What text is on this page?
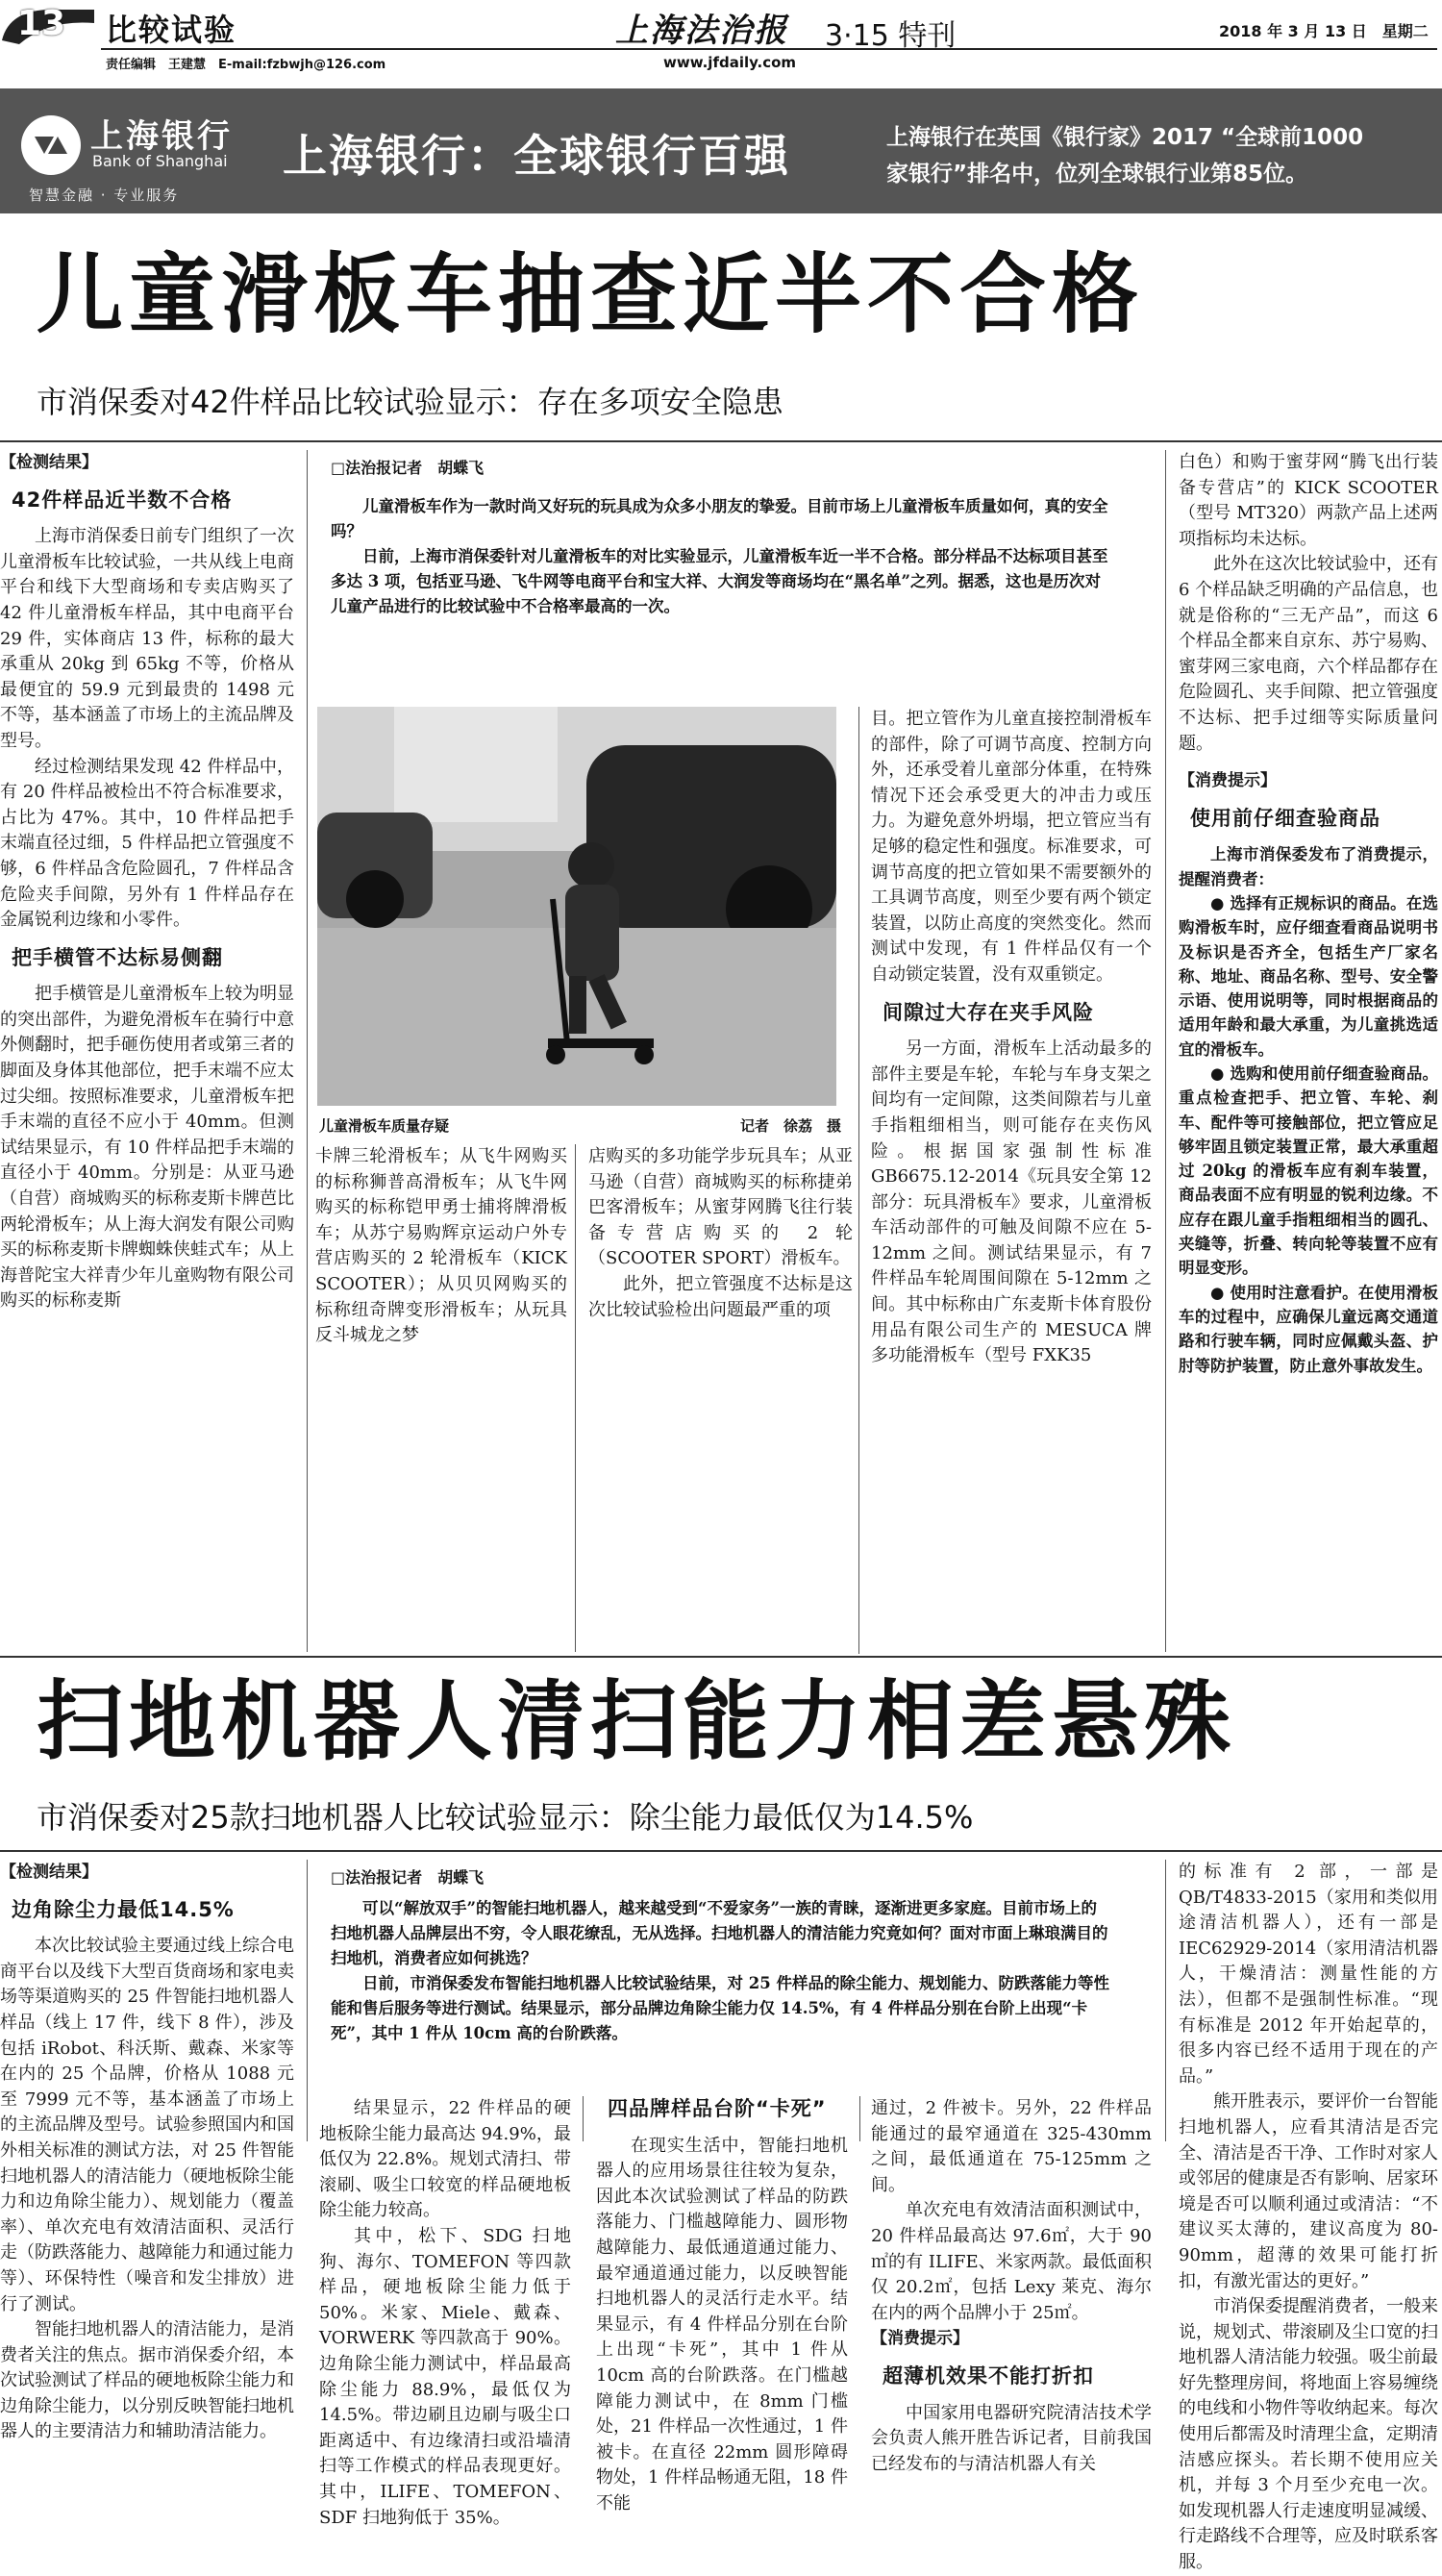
13 比较试验
责任编辑　王建慧　E-mail:fzbwjh@126.com
上海法治报 3·15 特刊
www.jfdaily.com
2018 年 3 月 13 日　星期二
上海银行
Bank of Shanghai
智慧金融 · 专业服务
上海银行：全球银行百强	上海银行在英国《银行家》2017 “全球前1000
家银行”排名中，位列全球银行业第85位。
儿童滑板车抽查近半不合格
市消保委对42件样品比较试验显示：存在多项安全隐患
【检测结果】
42件样品近半数不合格

上海市消保委日前专门组织了一次儿童滑板车比较试验，一共从线上电商平台和线下大型商场和专卖店购买了 42 件儿童滑板车样品，其中电商平台 29 件，实体商店 13 件，标称的最大承重从 20kg 到 65kg 不等，价格从最便宜的 59.9 元到最贵的 1498 元不等，基本涵盖了市场上的主流品牌及型号。

经过检测结果发现 42 件样品中，有 20 件样品被检出不符合标准要求，占比为 47%。其中，10 件样品把手末端直径过细，5 件样品把立管强度不够，6 件样品含危险圆孔，7 件样品含危险夹手间隙，另外有 1 件样品存在金属锐利边缘和小零件。

把手横管不达标易侧翻

把手横管是儿童滑板车上较为明显的突出部件，为避免滑板车在骑行中意外侧翻时，把手砸伤使用者或第三者的脚面及身体其他部位，把手末端不应太过尖细。按照标准要求，儿童滑板车把手末端的直径不应小于 40mm。但测试结果显示，有 10 件样品把手末端的直径小于 40mm。分别是：从亚马逊（自营）商城购买的标称麦斯卡牌芭比两轮滑板车；从上海大润发有限公司购买的标称麦斯卡牌蜘蛛侠蛙式车；从上海普陀宝大祥青少年儿童购物有限公司购买的标称麦斯

□法治报记者　胡蝶飞

儿童滑板车作为一款时尚又好玩的玩具成为众多小朋友的挚爱。目前市场上儿童滑板车质量如何，真的安全吗？

日前，上海市消保委针对儿童滑板车的对比实验显示，儿童滑板车近一半不合格。部分样品不达标项目甚至多达 3 项，包括亚马逊、飞牛网等电商平台和宝大祥、大润发等商场均在“黑名单”之列。据悉，这也是历次对儿童产品进行的比较试验中不合格率最高的一次。

儿童滑板车质量存疑	记者　徐荔　摄

卡牌三轮滑板车；从飞牛网购买的标称狮普高滑板车；从飞牛网购买的标称铠甲勇士捕将牌滑板车；从苏宁易购辉京运动户外专营店购买的 2 轮滑板车（KICK SCOOTER）；从贝贝网购买的标称纽奇牌变形滑板车；从玩具反斗城龙之梦

店购买的多功能学步玩具车；从亚马逊（自营）商城购买的标称捷弟巴客滑板车；从蜜芽网腾飞往行装备专营店购买的 2 轮（SCOOTER SPORT）滑板车。

此外，把立管强度不达标是这次比较试验检出问题最严重的项

目。把立管作为儿童直接控制滑板车的部件，除了可调节高度、控制方向外，还承受着儿童部分体重，在特殊情况下还会承受更大的冲击力或压力。为避免意外坍塌，把立管应当有足够的稳定性和强度。标准要求，可调节高度的把立管如果不需要额外的工具调节高度，则至少要有两个锁定装置，以防止高度的突然变化。然而测试中发现，有 1 件样品仅有一个自动锁定装置，没有双重锁定。

间隙过大存在夹手风险

另一方面，滑板车上活动最多的部件主要是车轮，车轮与车身支架之间均有一定间隙，这类间隙若与儿童手指粗细相当，则可能存在夹伤风险。根据国家强制性标准 GB6675.12-2014《玩具安全第 12 部分：玩具滑板车》要求，儿童滑板车活动部件的可触及间隙不应在 5-12mm 之间。测试结果显示，有 7 件样品车轮周围间隙在 5-12mm 之间。其中标称由广东麦斯卡体育股份用品有限公司生产的 MESUCA 牌多功能滑板车（型号 FXK35

白色）和购于蜜芽网“腾飞出行装备专营店”的 KICK SCOOTER（型号 MT320）两款产品上述两项指标均未达标。

此外在这次比较试验中，还有 6 个样品缺乏明确的产品信息，也就是俗称的“三无产品”，而这 6 个样品全都来自京东、苏宁易购、蜜芽网三家电商，六个样品都存在危险圆孔、夹手间隙、把立管强度不达标、把手过细等实际质量问题。

【消费提示】
使用前仔细查验商品

上海市消保委发布了消费提示，提醒消费者：

● 选择有正规标识的商品。在选购滑板车时，应仔细查看商品说明书及标识是否齐全，包括生产厂家名称、地址、商品名称、型号、安全警示语、使用说明等，同时根据商品的适用年龄和最大承重，为儿童挑选适宜的滑板车。

● 选购和使用前仔细查验商品。重点检查把手、把立管、车轮、刹车、配件等可接触部位，把立管应足够牢固且锁定装置正常，最大承重超过 20kg 的滑板车应有刹车装置，商品表面不应有明显的锐利边缘。不应存在跟儿童手指粗细相当的圆孔、夹缝等，折叠、转向轮等装置不应有明显变形。

● 使用时注意看护。在使用滑板车的过程中，应确保儿童远离交通道路和行驶车辆，同时应佩戴头盔、护肘等防护装置，防止意外事故发生。

扫地机器人清扫能力相差悬殊
市消保委对25款扫地机器人比较试验显示：除尘能力最低仅为14.5%
【检测结果】
边角除尘力最低14.5%

本次比较试验主要通过线上综合电商平台以及线下大型百货商场和家电卖场等渠道购买的 25 件智能扫地机器人样品（线上 17 件，线下 8 件），涉及包括 iRobot、科沃斯、戴森、米家等在内的 25 个品牌，价格从 1088 元至 7999 元不等，基本涵盖了市场上的主流品牌及型号。试验参照国内和国外相关标准的测试方法，对 25 件智能扫地机器人的清洁能力（硬地板除尘能力和边角除尘能力）、规划能力（覆盖率）、单次充电有效清洁面积、灵活行走（防跌落能力、越障能力和通过能力等）、环保特性（噪音和发尘排放）进行了测试。

智能扫地机器人的清洁能力，是消费者关注的焦点。据市消保委介绍，本次试验测试了样品的硬地板除尘能力和边角除尘能力，以分别反映智能扫地机器人的主要清洁力和辅助清洁能力。

□法治报记者　胡蝶飞

可以“解放双手”的智能扫地机器人，越来越受到“不爱家务”一族的青睐，逐渐进更多家庭。目前市场上的扫地机器人品牌层出不穷，令人眼花缭乱，无从选择。扫地机器人的清洁能力究竟如何？面对市面上琳琅满目的扫地机，消费者应如何挑选？

日前，市消保委发布智能扫地机器人比较试验结果，对 25 件样品的除尘能力、规划能力、防跌落能力等性能和售后服务等进行测试。结果显示，部分品牌边角除尘能力仅 14.5%，有 4 件样品分别在台阶上出现“卡死”，其中 1 件从 10cm 高的台阶跌落。

结果显示，22 件样品的硬地板除尘能力最高达 94.9%，最低仅为 22.8%。规划式清扫、带滚刷、吸尘口较宽的样品硬地板除尘能力较高。

其中，松下、SDG 扫地狗、海尔、TOMEFON 等四款样品，硬地板除尘能力低于 50%。米家、Miele、戴森、VORWERK 等四款高于 90%。边角除尘能力测试中，样品最高除尘能力 88.9%，最低仅为 14.5%。带边刷且边刷与吸尘口距离适中、有边缘清扫或沿墙清扫等工作模式的样品表现更好。其中，ILIFE、TOMEFON、SDF 扫地狗低于 35%。

四品牌样品台阶“卡死”

在现实生活中，智能扫地机器人的应用场景往往较为复杂，因此本次试验测试了样品的防跌落能力、门槛越障能力、圆形物越障能力、最低通道通过能力、最窄通道通过能力，以反映智能扫地机器人的灵活行走水平。结果显示，有 4 件样品分别在台阶上出现“卡死”，其中 1 件从 10cm 高的台阶跌落。在门槛越障能力测试中，在 8mm 门槛处，21 件样品一次性通过，1 件被卡。在直径 22mm 圆形障碍物处，1 件样品畅通无阻，18 件不能

通过，2 件被卡。另外，22 件样品能通过的最窄通道在 325-430mm 之间，最低通道在 75-125mm 之间。

单次充电有效清洁面积测试中，20 件样品最高达 97.6㎡，大于 90㎡的有 ILIFE、米家两款。最低面积仅 20.2㎡，包括 Lexy 莱克、海尔在内的两个品牌小于 25㎡。

【消费提示】
超薄机效果不能打折扣

中国家用电器研究院清洁技术学会负责人熊开胜告诉记者，目前我国已经发布的与清洁机器人有关

的标准有 2 部，一部是 QB/T4833-2015（家用和类似用途清洁机器人），还有一部是 IEC62929-2014（家用清洁机器人，干燥清洁：测量性能的方法），但都不是强制性标准。“现有标准是 2012 年开始起草的，很多内容已经不适用于现在的产品。”

熊开胜表示，要评价一台智能扫地机器人，应看其清洁是否完全、清洁是否干净、工作时对家人或邻居的健康是否有影响、居家环境是否可以顺利通过或清洁：“不建议买太薄的，建议高度为 80-90mm，超薄的效果可能打折扣，有激光雷达的更好。”

市消保委提醒消费者，一般来说，规划式、带滚刷及尘口宽的扫地机器人清洁能力较强。吸尘前最好先整理房间，将地面上容易缠绕的电线和小物件等收纳起来。每次使用后都需及时清理尘盒，定期清洁感应探头。若长期不使用应关机，并每 3 个月至少充电一次。如发现机器人行走速度明显减缓、行走路线不合理等，应及时联系客服。
